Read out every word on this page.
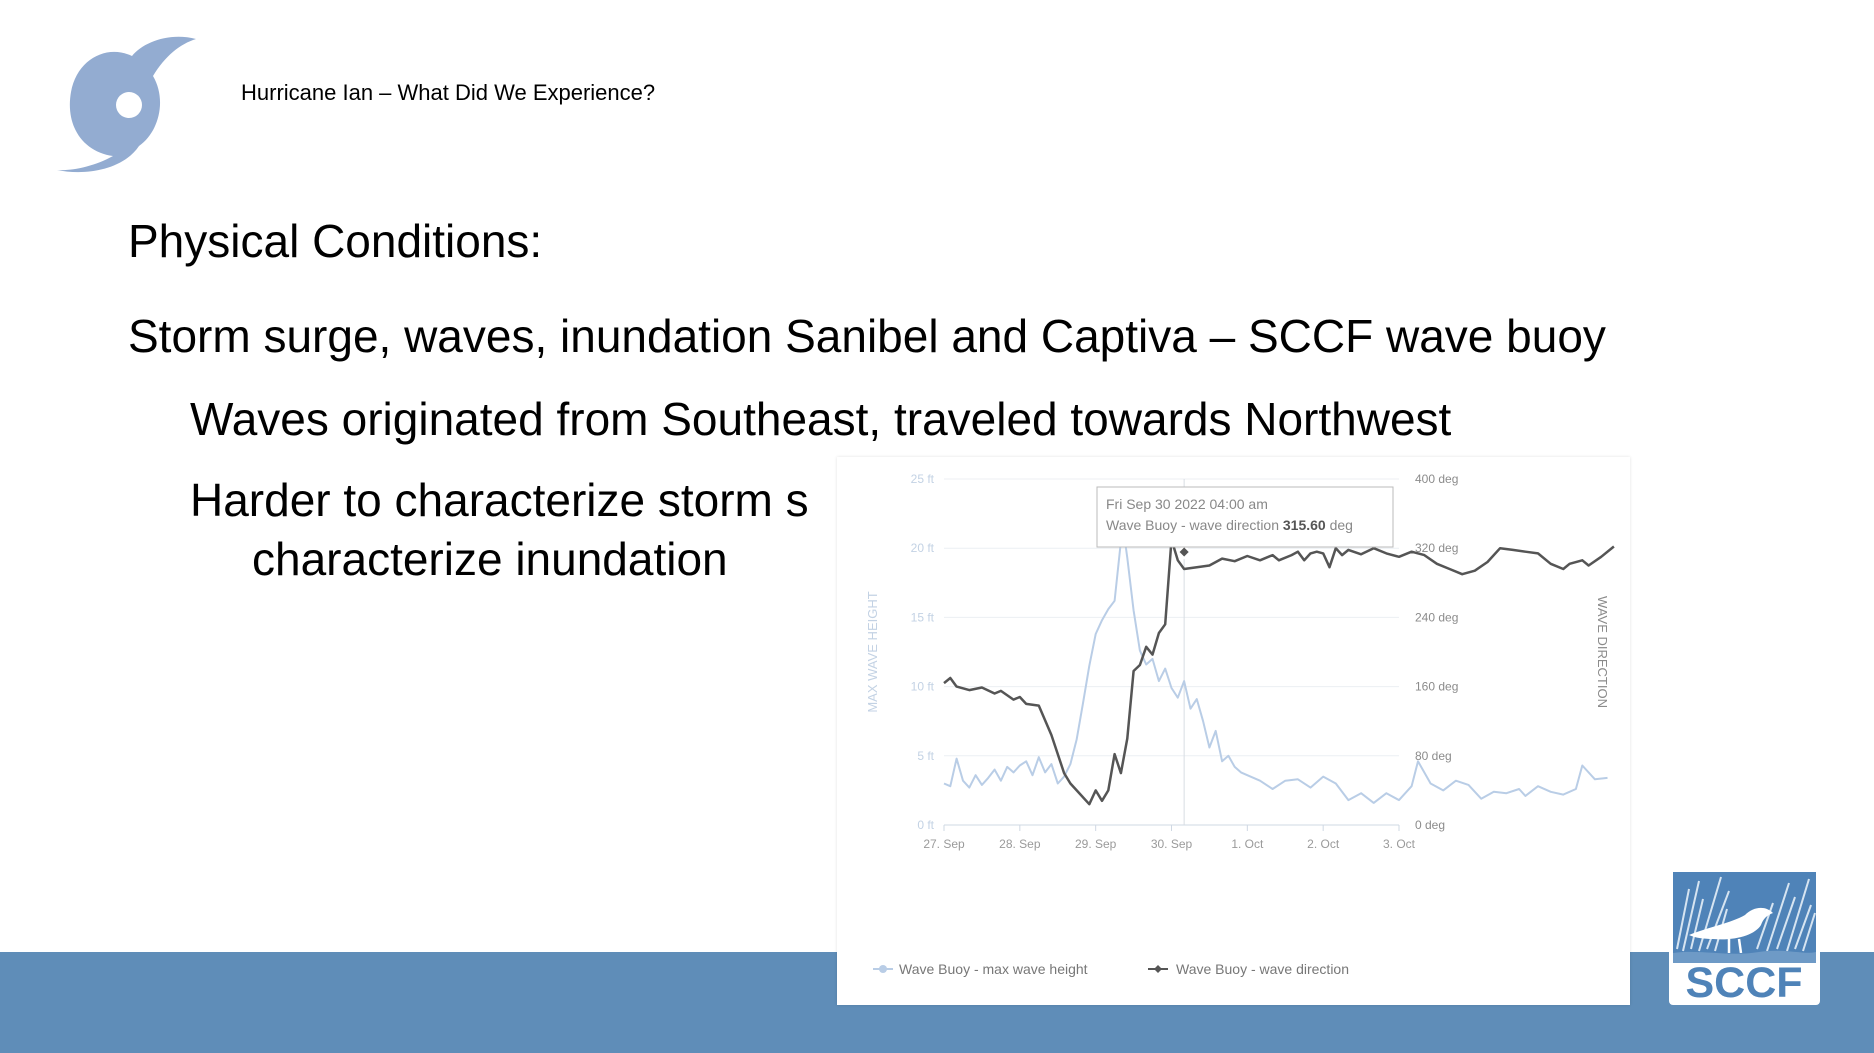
Hurricane Ian – What Did We Experience?
Physical Conditions:
Storm surge, waves, inundation Sanibel and Captiva – SCCF wave buoy
Waves originated from Southeast, traveled towards Northwest
Harder to characterize storm s
characterize inundation
0 ft
5 ft
10 ft
15 ft
20 ft
25 ft
0 deg
80 deg
160 deg
240 deg
320 deg
400 deg
27. Sep	28. Sep	29. Sep	30. Sep	1. Oct	2. Oct	3. Oct
MAX WAVE HEIGHT	WAVE DIRECTION
Fri Sep 30 2022 04:00 am
Wave Buoy - wave direction 315.60 deg
Wave Buoy - max wave height	Wave Buoy - wave direction	SCCF
